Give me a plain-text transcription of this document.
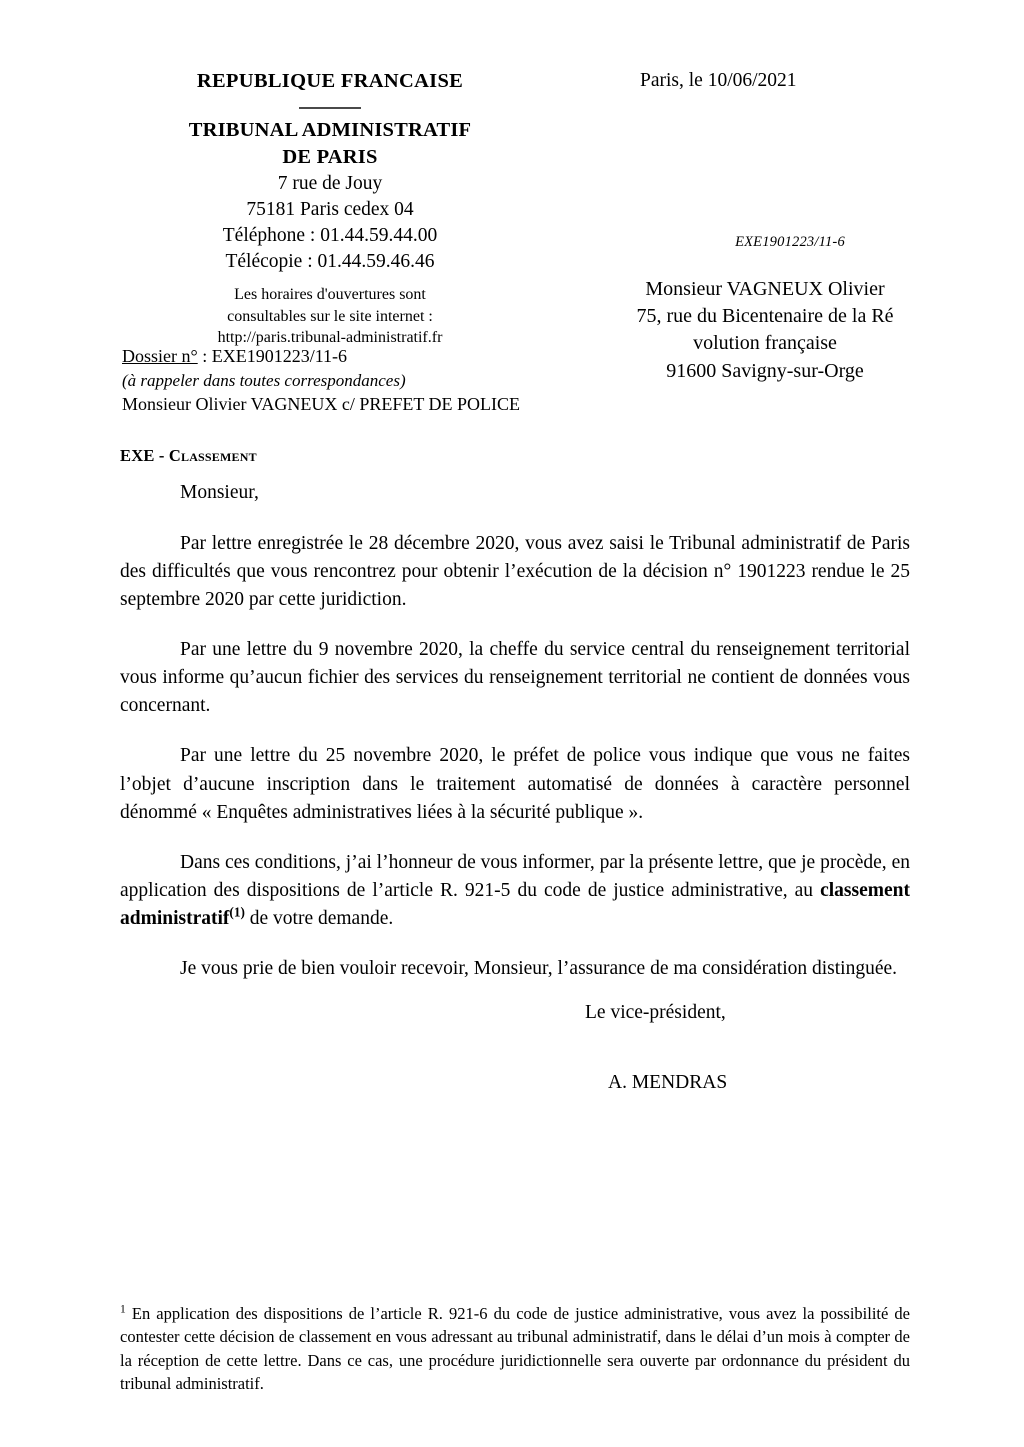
REPUBLIQUE FRANCAISE
TRIBUNAL ADMINISTRATIF
DE PARIS
7 rue de Jouy
75181 Paris cedex 04
Téléphone : 01.44.59.44.00
Télécopie : 01.44.59.46.46
Les horaires d'ouvertures sont
consultables sur le site internet :
http://paris.tribunal-administratif.fr
Dossier n° : EXE1901223/11-6
(à rappeler dans toutes correspondances)
Monsieur Olivier VAGNEUX c/ PREFET DE POLICE
Paris, le 10/06/2021
EXE1901223/11-6
Monsieur VAGNEUX Olivier
75, rue du Bicentenaire de la Ré
volution française
91600 Savigny-sur-Orge
EXE - Classement

Monsieur,

Par lettre enregistrée le 28 décembre 2020, vous avez saisi le Tribunal administratif de Paris des difficultés que vous rencontrez pour obtenir l’exécution de la décision n° 1901223 rendue le 25 septembre 2020 par cette juridiction.

Par une lettre du 9 novembre 2020, la cheffe du service central du renseignement territorial vous informe qu’aucun fichier des services du renseignement territorial ne contient de données vous concernant.

Par une lettre du 25 novembre 2020, le préfet de police vous indique que vous ne faites l’objet d’aucune inscription dans le traitement automatisé de données à caractère personnel dénommé « Enquêtes administratives liées à la sécurité publique ».

Dans ces conditions, j’ai l’honneur de vous informer, par la présente lettre, que je procède, en application des dispositions de l’article R. 921-5 du code de justice administrative, au classement administratif$^{(1)}$ de votre demande.

Je vous prie de bien vouloir recevoir, Monsieur, l’assurance de ma considération distinguée.

Le vice-président,
A. MENDRAS
$^1$ En application des dispositions de l’article R. 921-6 du code de justice administrative, vous avez la possibilité de contester cette décision de classement en vous adressant au tribunal administratif, dans le délai d’un mois à compter de la réception de cette lettre. Dans ce cas, une procédure juridictionnelle sera ouverte par ordonnance du président du tribunal administratif.
